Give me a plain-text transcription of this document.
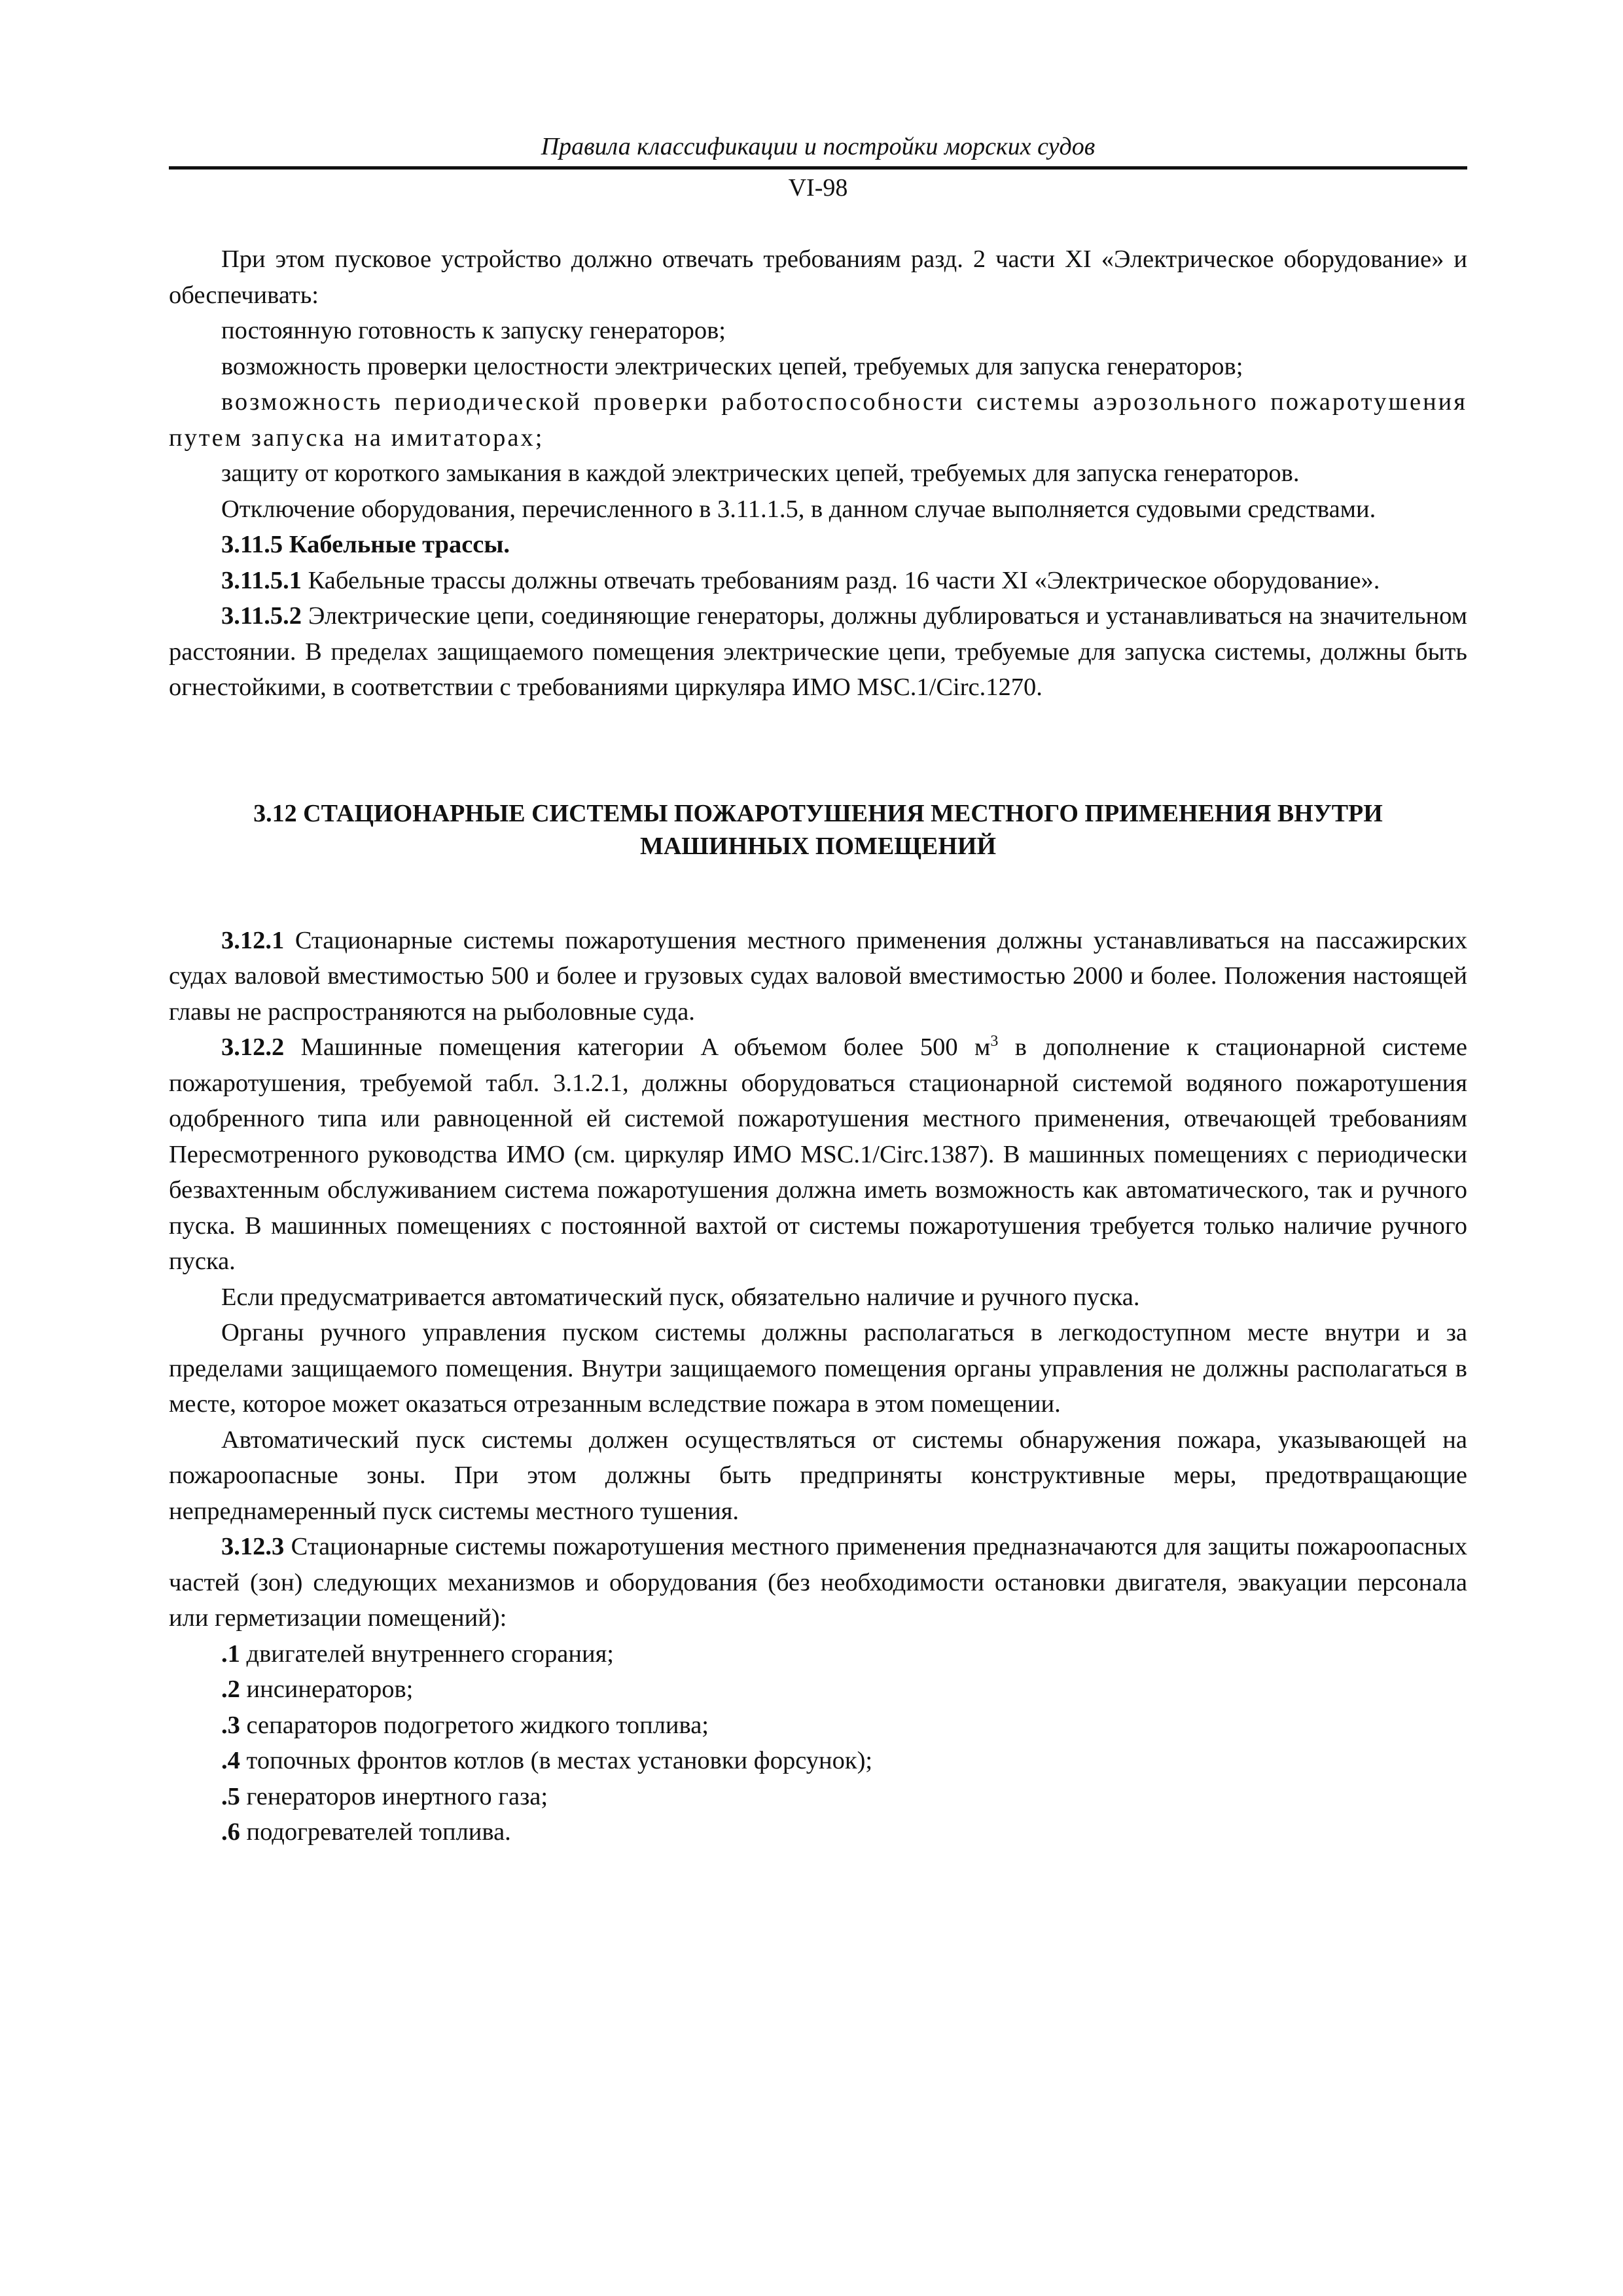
Правила классификации и постройки морских судов
VI-98

При этом пусковое устройство должно отвечать требованиям разд. 2 части XI «Электрическое оборудование» и обеспечивать:

постоянную готовность к запуску генераторов;

возможность проверки целостности электрических цепей, требуемых для запуска генераторов;

возможность периодической проверки работоспособности системы аэрозольного пожаротушения путем запуска на имитаторах;

защиту от короткого замыкания в каждой электрических цепей, требуемых для запуска генераторов.

Отключение оборудования, перечисленного в 3.11.1.5, в данном случае выполняется судовыми средствами.

3.11.5 Кабельные трассы.

3.11.5.1 Кабельные трассы должны отвечать требованиям разд. 16 части XI «Электрическое оборудование».

3.11.5.2 Электрические цепи, соединяющие генераторы, должны дублироваться и устанавливаться на значительном расстоянии. В пределах защищаемого помещения электрические цепи, требуемые для запуска системы, должны быть огнестойкими, в соответствии с требованиями циркуляра ИМО MSC.1/Circ.1270.

3.12 СТАЦИОНАРНЫЕ СИСТЕМЫ ПОЖАРОТУШЕНИЯ МЕСТНОГО ПРИМЕНЕНИЯ ВНУТРИ
МАШИННЫХ ПОМЕЩЕНИЙ

3.12.1 Стационарные системы пожаротушения местного применения должны устанавливаться на пассажирских судах валовой вместимостью 500 и более и грузовых судах валовой вместимостью 2000 и более. Положения настоящей главы не распространяются на рыболовные суда.

3.12.2 Машинные помещения категории A объемом более 500 $м^3$ в дополнение к стационарной системе пожаротушения, требуемой табл. 3.1.2.1, должны оборудоваться стационарной системой водяного пожаротушения одобренного типа или равноценной ей системой пожаротушения местного применения, отвечающей требованиям Пересмотренного руководства ИМО (см. циркуляр ИМО MSC.1/Circ.1387). В машинных помещениях с периодически безвахтенным обслуживанием система пожаротушения должна иметь возможность как автоматического, так и ручного пуска. В машинных помещениях с постоянной вахтой от системы пожаротушения требуется только наличие ручного пуска.

Если предусматривается автоматический пуск, обязательно наличие и ручного пуска.

Органы ручного управления пуском системы должны располагаться в легкодоступном месте внутри и за пределами защищаемого помещения. Внутри защищаемого помещения органы управления не должны располагаться в месте, которое может оказаться отрезанным вследствие пожара в этом помещении.

Автоматический пуск системы должен осуществляться от системы обнаружения пожара, указывающей на пожароопасные зоны. При этом должны быть предприняты конструктивные меры, предотвращающие непреднамеренный пуск системы местного тушения.

3.12.3 Стационарные системы пожаротушения местного применения предназначаются для защиты пожароопасных частей (зон) следующих механизмов и оборудования (без необходимости остановки двигателя, эвакуации персонала или герметизации помещений):

.1 двигателей внутреннего сгорания;

.2 инсинераторов;

.3 сепараторов подогретого жидкого топлива;

.4 топочных фронтов котлов (в местах установки форсунок);

.5 генераторов инертного газа;

.6 подогревателей топлива.
